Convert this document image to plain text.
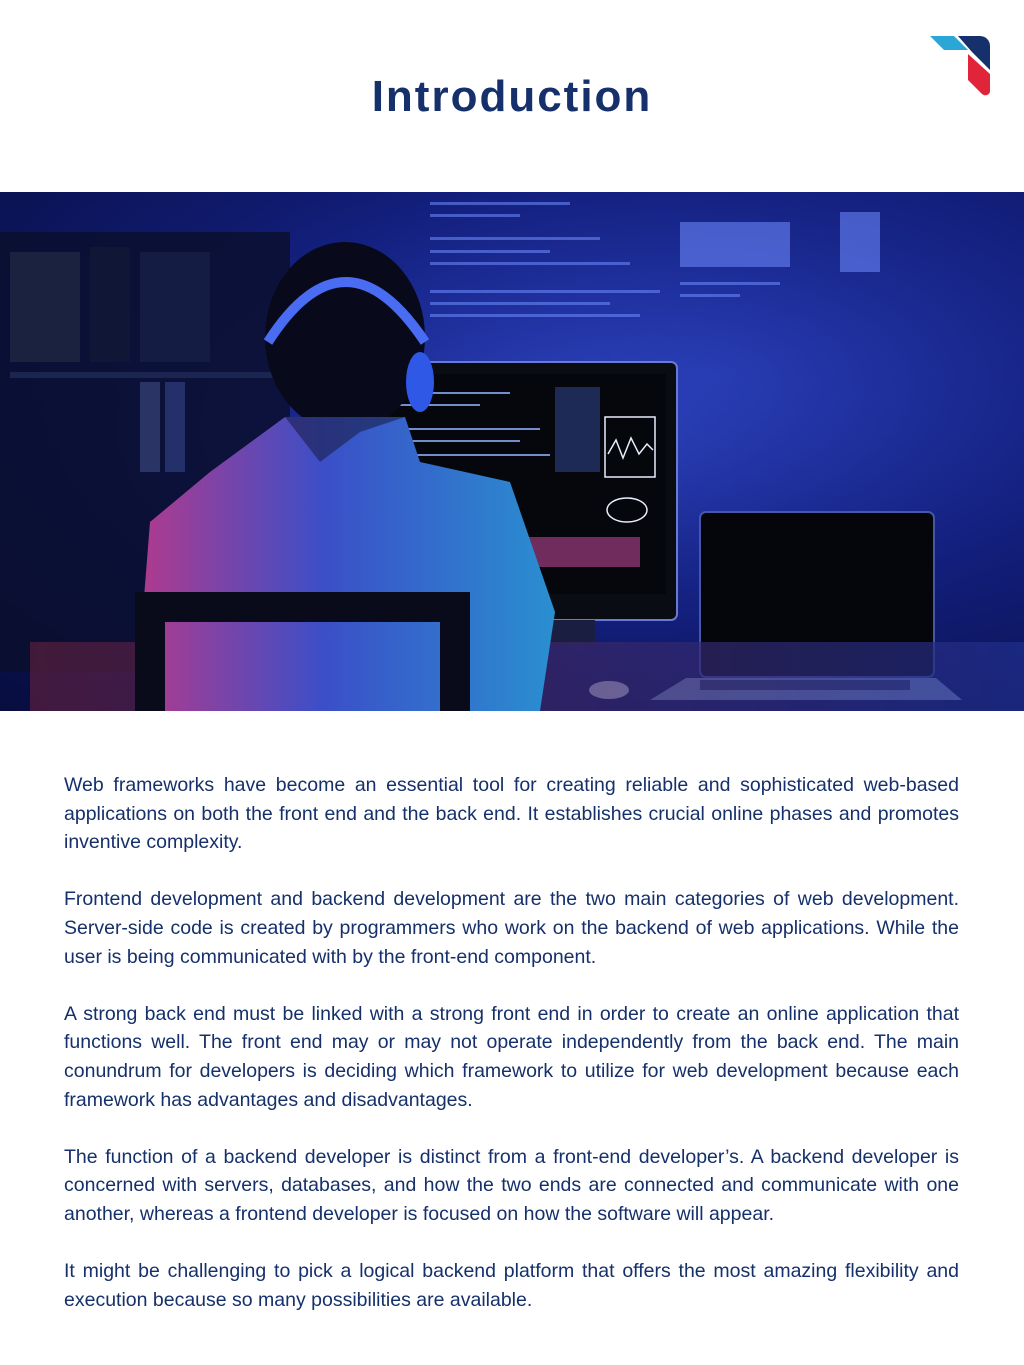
Introduction

Web frameworks have become an essential tool for creating reliable and sophisticated web-based applications on both the front end and the back end. It establishes crucial online phases and promotes inventive complexity.

Frontend development and backend development are the two main categories of web development. Server-side code is created by programmers who work on the backend of web applications. While the user is being communicated with by the front-end component.

A strong back end must be linked with a strong front end in order to create an online application that functions well. The front end may or may not operate independently from the back end. The main conundrum for developers is deciding which framework to utilize for web development because each framework has advantages and disadvantages.

The function of a backend developer is distinct from a front-end developer’s. A backend developer is concerned with servers, databases, and how the two ends are connected and communicate with one another, whereas a frontend developer is focused on how the software will appear.

It might be challenging to pick a logical backend platform that offers the most amazing flexibility and execution because so many possibilities are available.
